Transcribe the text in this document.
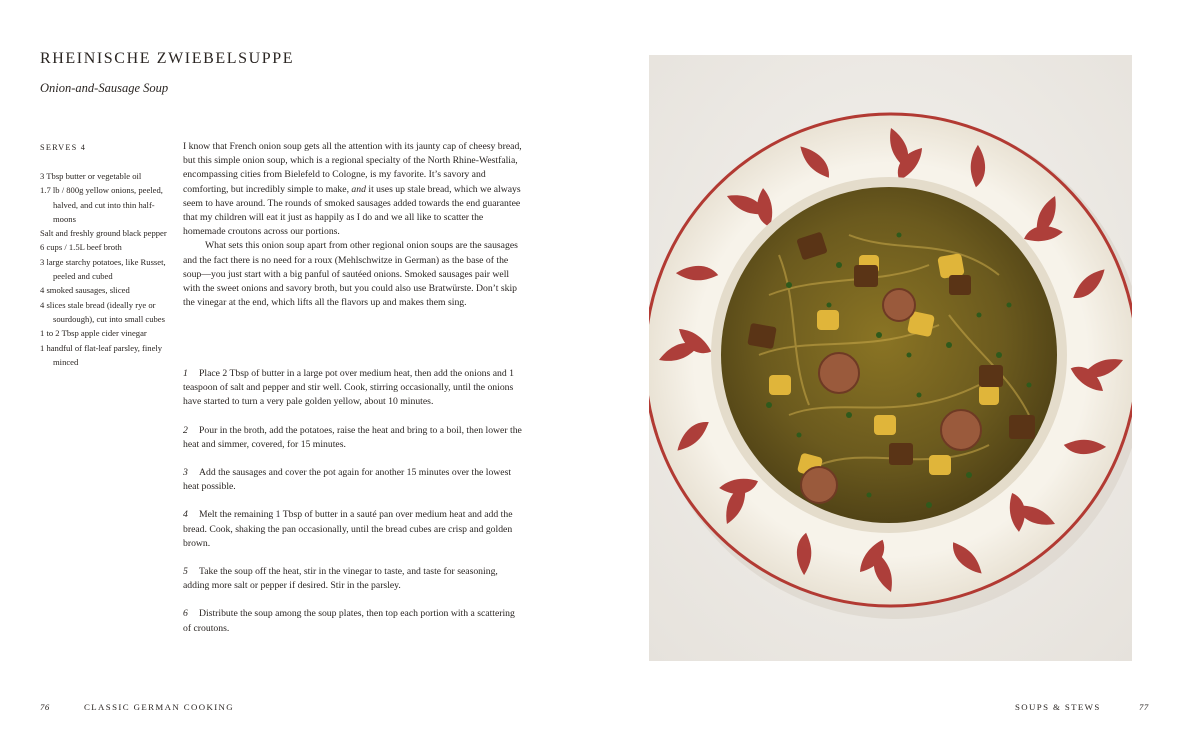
RHEINISCHE ZWIEBELSUPPE
Onion-and-Sausage Soup
SERVES 4
3 Tbsp butter or vegetable oil
1.7 lb / 800g yellow onions, peeled, halved, and cut into thin half-moons
Salt and freshly ground black pepper
6 cups / 1.5L beef broth
3 large starchy potatoes, like Russet, peeled and cubed
4 smoked sausages, sliced
4 slices stale bread (ideally rye or sourdough), cut into small cubes
1 to 2 Tbsp apple cider vinegar
1 handful of flat-leaf parsley, finely minced

I know that French onion soup gets all the attention with its jaunty cap of cheesy bread, but this simple onion soup, which is a regional specialty of the North Rhine-Westfalia, encompassing cities from Bielefeld to Cologne, is my favorite. It’s savory and comforting, but incredibly simple to make, and it uses up stale bread, which we always seem to have around. The rounds of smoked sausages added towards the end guarantee that my children will eat it just as happily as I do and we all like to scatter the homemade croutons across our portions.

What sets this onion soup apart from other regional onion soups are the sausages and the fact there is no need for a roux (Mehlschwitze in German) as the base of the soup—you just start with a big panful of sautéed onions. Smoked sausages pair well with the sweet onions and savory broth, but you could also use Bratwürste. Don’t skip the vinegar at the end, which lifts all the flavors up and makes them sing.

1 Place 2 Tbsp of butter in a large pot over medium heat, then add the onions and 1 teaspoon of salt and pepper and stir well. Cook, stirring occasionally, until the onions have started to turn a very pale golden yellow, about 10 minutes.

2 Pour in the broth, add the potatoes, raise the heat and bring to a boil, then lower the heat and simmer, covered, for 15 minutes.

3 Add the sausages and cover the pot again for another 15 minutes over the lowest heat possible.

4 Melt the remaining 1 Tbsp of butter in a sauté pan over medium heat and add the bread. Cook, shaking the pan occasionally, until the bread cubes are crisp and golden brown.

5 Take the soup off the heat, stir in the vinegar to taste, and taste for seasoning, adding more salt or pepper if desired. Stir in the parsley.

6 Distribute the soup among the soup plates, then top each portion with a scattering of croutons.

76	CLASSIC GERMAN COOKING	SOUPS & STEWS	77
